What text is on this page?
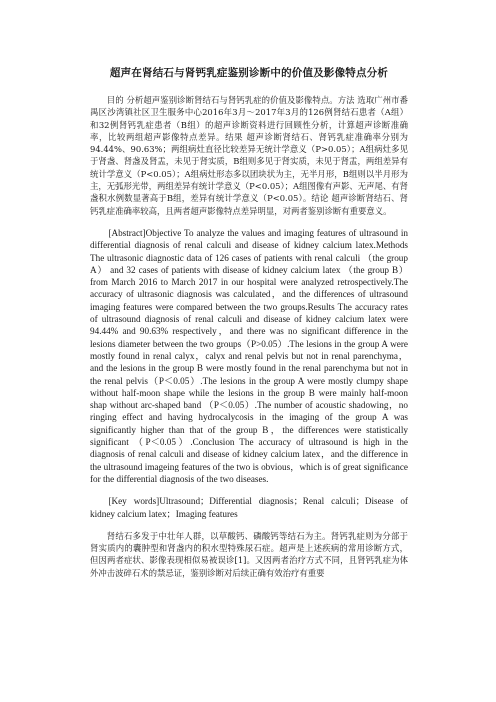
超声在肾结石与肾钙乳症鉴别诊断中的价值及影像特点分析

目的 分析超声鉴别诊断肾结石与肾钙乳症的价值及影像特点。方法 选取广州市番禺区沙湾镇社区卫生服务中心2016年3月～2017年3月的126例肾结石患者（A组）和32例肾钙乳症患者（B组）的超声诊断资料进行回顾性分析，计算超声诊断准确率，比较两组超声影像特点差异。结果 超声诊断肾结石、肾钙乳症准确率分别为 94.44%、90.63%；两组病灶直径比较差异无统计学意义（P>0.05）；A组病灶多见于肾盏、肾盏及肾盂，未见于肾实质，B组则多见于肾实质，未见于肾盂，两组差异有统计学意义（P<0.05）；A组病灶形态多以团块状为主，无半月形，B组则以半月形为主，无弧形光带，两组差异有统计学意义（P<0.05）；A组图像有声影、无声尾、有肾盏积水例数显著高于B组，差异有统计学意义（P<0.05）。结论 超声诊断肾结石、肾钙乳症准确率较高，且两者超声影像特点差异明显，对两者鉴别诊断有重要意义。

[Abstract]Objective To analyze the values and imaging features of ultrasound in differential diagnosis of renal calculi and disease of kidney calcium latex.Methods The ultrasonic diagnostic data of 126 cases of patients with renal calculi （the group A） and 32 cases of patients with disease of kidney calcium latex （the group B） from March 2016 to March 2017 in our hospital were analyzed retrospectively.The accuracy of ultrasonic diagnosis was calculated，and the differences of ultrasound imaging features were compared between the two groups.Results The accuracy rates of ultrasound diagnosis of renal calculi and disease of kidney calcium latex were 94.44% and 90.63% respectively，and there was no significant difference in the lesions diameter between the two groups（P>0.05）.The lesions in the group A were mostly found in renal calyx，calyx and renal pelvis but not in renal parenchyma，and the lesions in the group B were mostly found in the renal parenchyma but not in the renal pelvis（P＜0.05）.The lesions in the group A were mostly clumpy shape without half-moon shape while the lesions in the group B were mainly half-moon shap without arc-shaped band （P＜0.05）.The number of acoustic shadowing，no ringing effect and having hydrocalycosis in the imaging of the group A was significantly higher than that of the group B，the differences were statistically significant （P＜0.05）.Conclusion The accuracy of ultrasound is high in the diagnosis of renal calculi and disease of kidney calcium latex，and the difference in the ultrasound imageing features of the two is obvious，which is of great significance for the differential diagnosis of the two diseases.

[Key words]Ultrasound；Differential diagnosis；Renal calculi；Disease of kidney calcium latex；Imaging features

肾结石多发于中壮年人群，以草酸钙、磷酸钙等结石为主。肾钙乳症则为分部于肾实质内的囊肿型和肾盏内的积水型特殊尿石症。超声是上述疾病的常用诊断方式，但因两者症状、影像表现相似易被误诊[1]。又因两者治疗方式不同，且肾钙乳症为体外冲击波碎石术的禁忌证，鉴别诊断对后续正确有效治疗有重要
